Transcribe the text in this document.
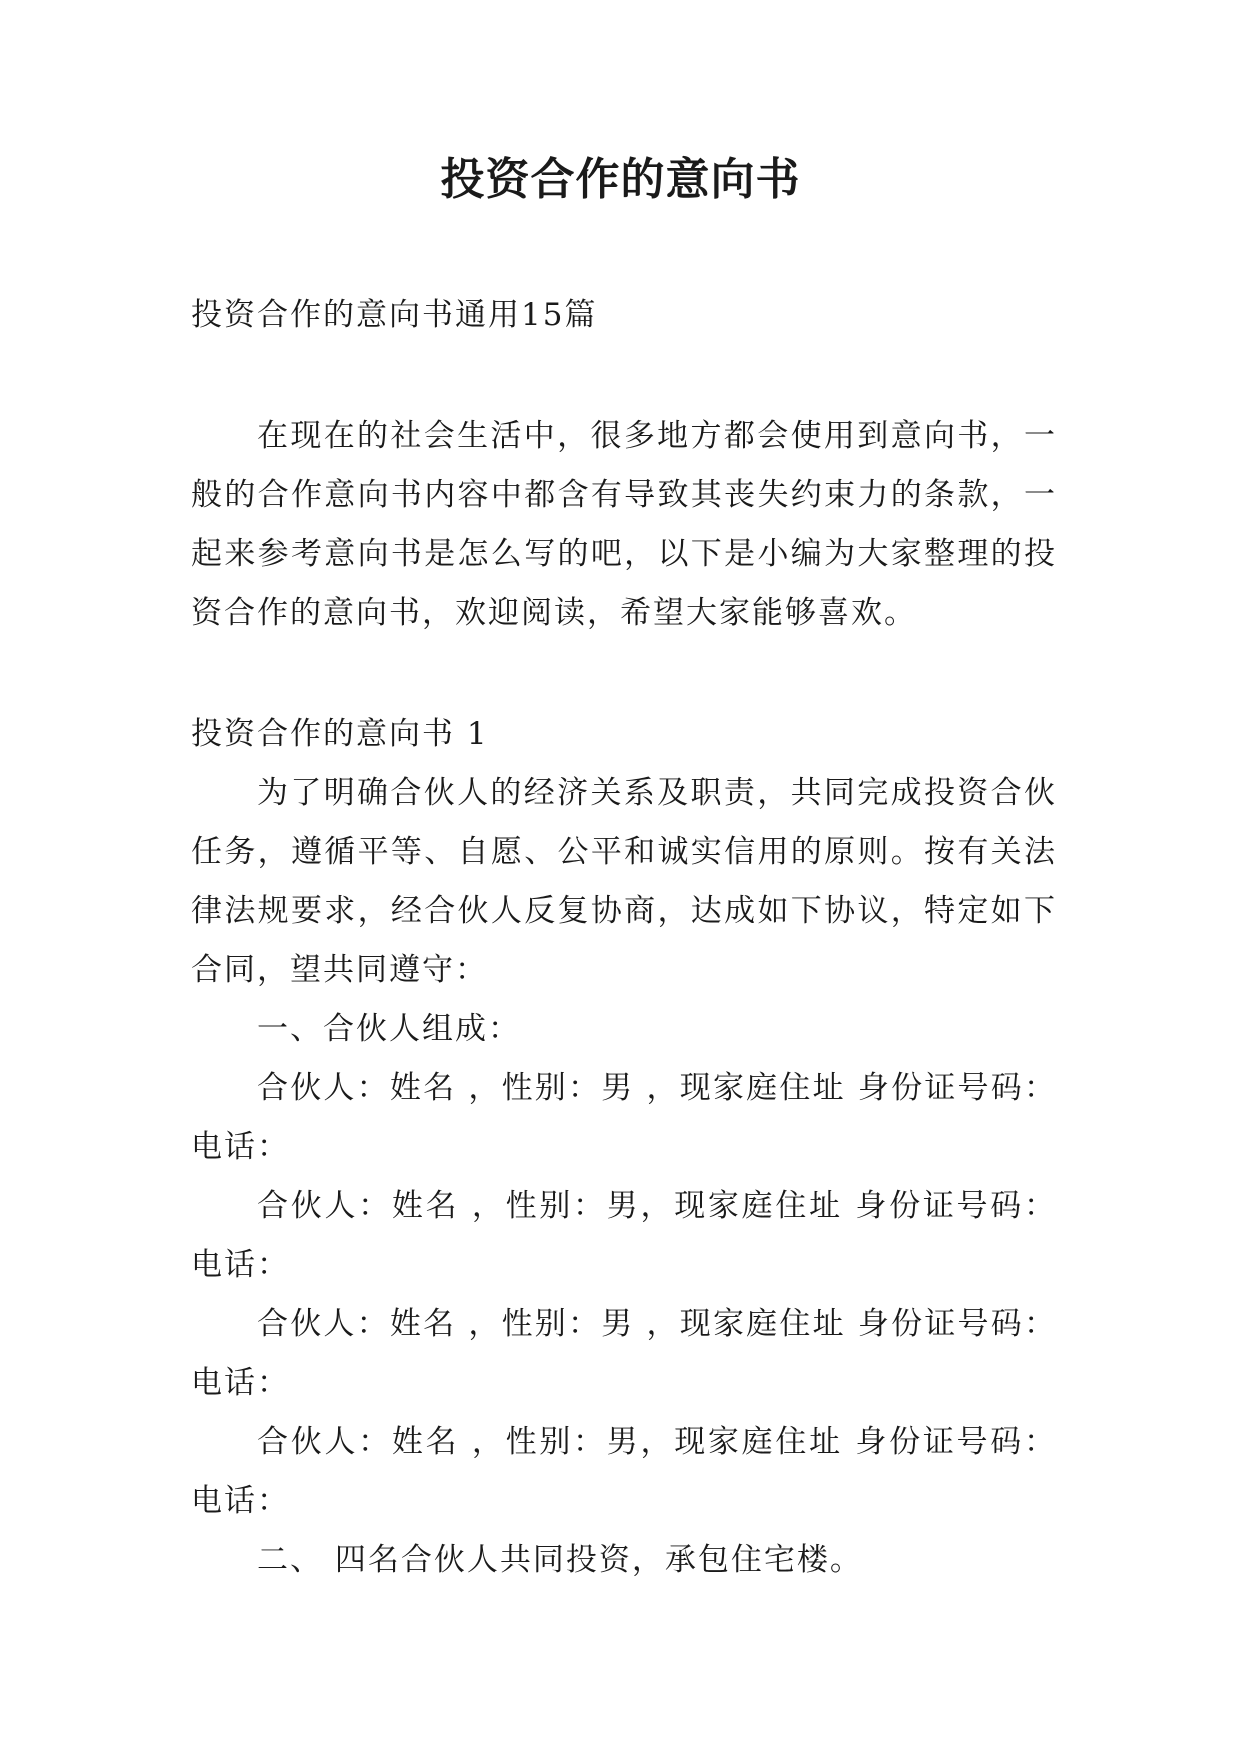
投资合作的意向书

投资合作的意向书通用15篇

在现在的社会生活中，很多地方都会使用到意向书，一

般的合作意向书内容中都含有导致其丧失约束力的条款，一

起来参考意向书是怎么写的吧，以下是小编为大家整理的投

资合作的意向书，欢迎阅读，希望大家能够喜欢。

投资合作的意向书 1

为了明确合伙人的经济关系及职责，共同完成投资合伙

任务，遵循平等、自愿、公平和诚实信用的原则。按有关法

律法规要求，经合伙人反复协商，达成如下协议，特定如下

合同，望共同遵守：

一、合伙人组成：

合伙人：姓名 ，性别：男 ，现家庭住址 身份证号码：

电话：

合伙人：姓名 ，性别：男，现家庭住址 身份证号码：

电话：

合伙人：姓名 ，性别：男 ，现家庭住址 身份证号码：

电话：

合伙人：姓名 ，性别：男，现家庭住址 身份证号码：

电话：

二、 四名合伙人共同投资，承包住宅楼。
